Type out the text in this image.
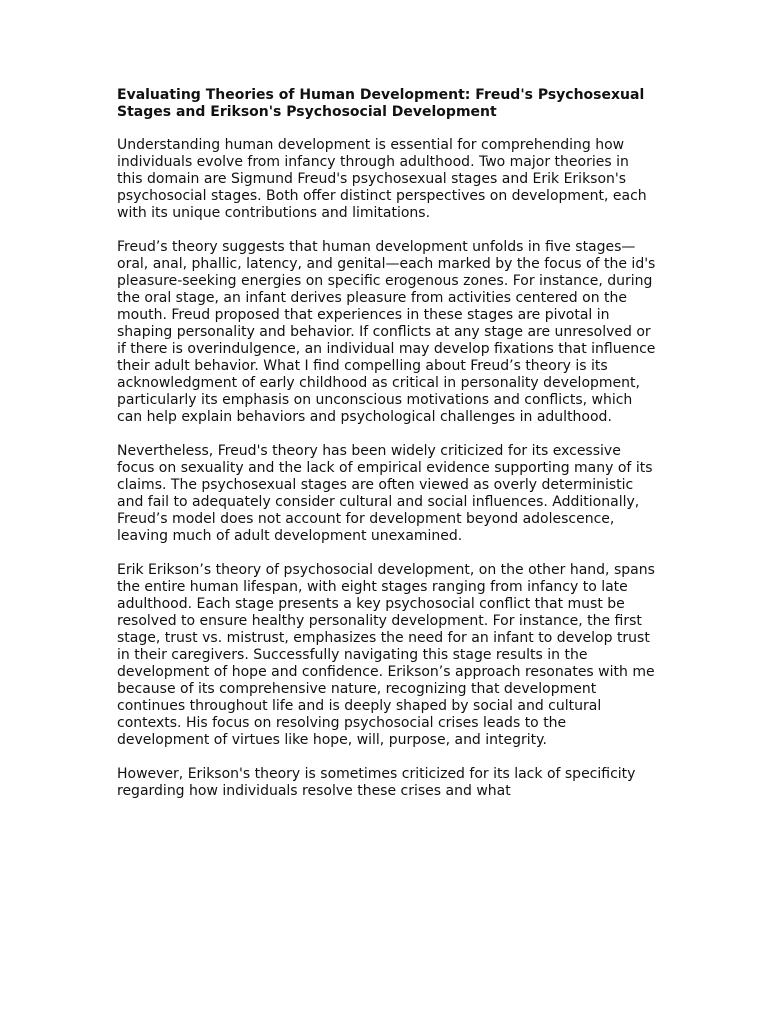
Evaluating Theories of Human Development: Freud's Psychosexual Stages and Erikson's Psychosocial Development

Understanding human development is essential for comprehending how individuals evolve from infancy through adulthood. Two major theories in this domain are Sigmund Freud's psychosexual stages and Erik Erikson's psychosocial stages. Both offer distinct perspectives on development, each with its unique contributions and limitations.

Freud’s theory suggests that human development unfolds in five stages—oral, anal, phallic, latency, and genital—each marked by the focus of the id's pleasure-seeking energies on specific erogenous zones. For instance, during the oral stage, an infant derives pleasure from activities centered on the mouth. Freud proposed that experiences in these stages are pivotal in shaping personality and behavior. If conflicts at any stage are unresolved or if there is overindulgence, an individual may develop fixations that influence their adult behavior. What I find compelling about Freud’s theory is its acknowledgment of early childhood as critical in personality development, particularly its emphasis on unconscious motivations and conflicts, which can help explain behaviors and psychological challenges in adulthood.

Nevertheless, Freud's theory has been widely criticized for its excessive focus on sexuality and the lack of empirical evidence supporting many of its claims. The psychosexual stages are often viewed as overly deterministic and fail to adequately consider cultural and social influences. Additionally, Freud’s model does not account for development beyond adolescence, leaving much of adult development unexamined.

Erik Erikson’s theory of psychosocial development, on the other hand, spans the entire human lifespan, with eight stages ranging from infancy to late adulthood. Each stage presents a key psychosocial conflict that must be resolved to ensure healthy personality development. For instance, the first stage, trust vs. mistrust, emphasizes the need for an infant to develop trust in their caregivers. Successfully navigating this stage results in the development of hope and confidence. Erikson’s approach resonates with me because of its comprehensive nature, recognizing that development continues throughout life and is deeply shaped by social and cultural contexts. His focus on resolving psychosocial crises leads to the development of virtues like hope, will, purpose, and integrity.

However, Erikson's theory is sometimes criticized for its lack of specificity regarding how individuals resolve these crises and what
